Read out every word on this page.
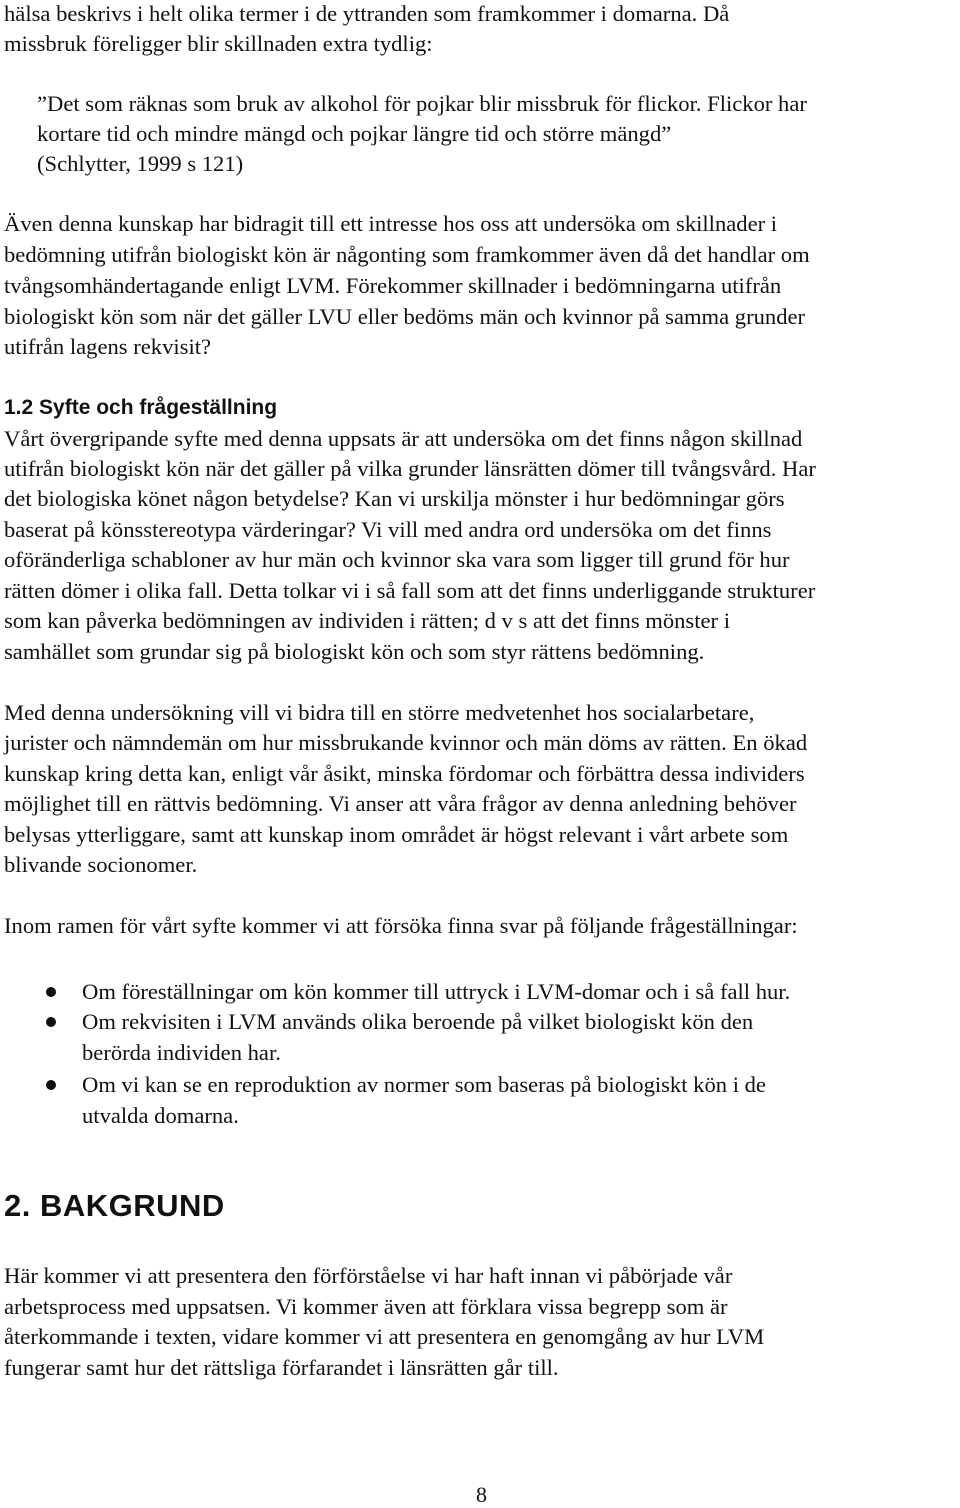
hälsa beskrivs i helt olika termer i de yttranden som framkommer i domarna. Då
missbruk föreligger blir skillnaden extra tydlig:
”Det som räknas som bruk av alkohol för pojkar blir missbruk för flickor. Flickor har
kortare tid och mindre mängd och pojkar längre tid och större mängd”
(Schlytter, 1999 s 121)
Även denna kunskap har bidragit till ett intresse hos oss att undersöka om skillnader i
bedömning utifrån biologiskt kön är någonting som framkommer även då det handlar om
tvångsomhändertagande enligt LVM. Förekommer skillnader i bedömningarna utifrån
biologiskt kön som när det gäller LVU eller bedöms män och kvinnor på samma grunder
utifrån lagens rekvisit?
1.2 Syfte och frågeställning
Vårt övergripande syfte med denna uppsats är att undersöka om det finns någon skillnad
utifrån biologiskt kön när det gäller på vilka grunder länsrätten dömer till tvångsvård. Har
det biologiska könet någon betydelse? Kan vi urskilja mönster i hur bedömningar görs
baserat på könsstereotypa värderingar? Vi vill med andra ord undersöka om det finns
oföränderliga schabloner av hur män och kvinnor ska vara som ligger till grund för hur
rätten dömer i olika fall. Detta tolkar vi i så fall som att det finns underliggande strukturer
som kan påverka bedömningen av individen i rätten; d v s att det finns mönster i
samhället som grundar sig på biologiskt kön och som styr rättens bedömning.
Med denna undersökning vill vi bidra till en större medvetenhet hos socialarbetare,
jurister och nämndemän om hur missbrukande kvinnor och män döms av rätten. En ökad
kunskap kring detta kan, enligt vår åsikt, minska fördomar och förbättra dessa individers
möjlighet till en rättvis bedömning. Vi anser att våra frågor av denna anledning behöver
belysas ytterliggare, samt att kunskap inom området är högst relevant i vårt arbete som
blivande socionomer.
Inom ramen för vårt syfte kommer vi att försöka finna svar på följande frågeställningar:
Om föreställningar om kön kommer till uttryck i LVM-domar och i så fall hur.
Om rekvisiten i LVM används olika beroende på vilket biologiskt kön den
berörda individen har.
Om vi kan se en reproduktion av normer som baseras på biologiskt kön i de
utvalda domarna.
2. BAKGRUND
Här kommer vi att presentera den förförståelse vi har haft innan vi påbörjade vår
arbetsprocess med uppsatsen. Vi kommer även att förklara vissa begrepp som är
återkommande i texten, vidare kommer vi att presentera en genomgång av hur LVM
fungerar samt hur det rättsliga förfarandet i länsrätten går till.
8
